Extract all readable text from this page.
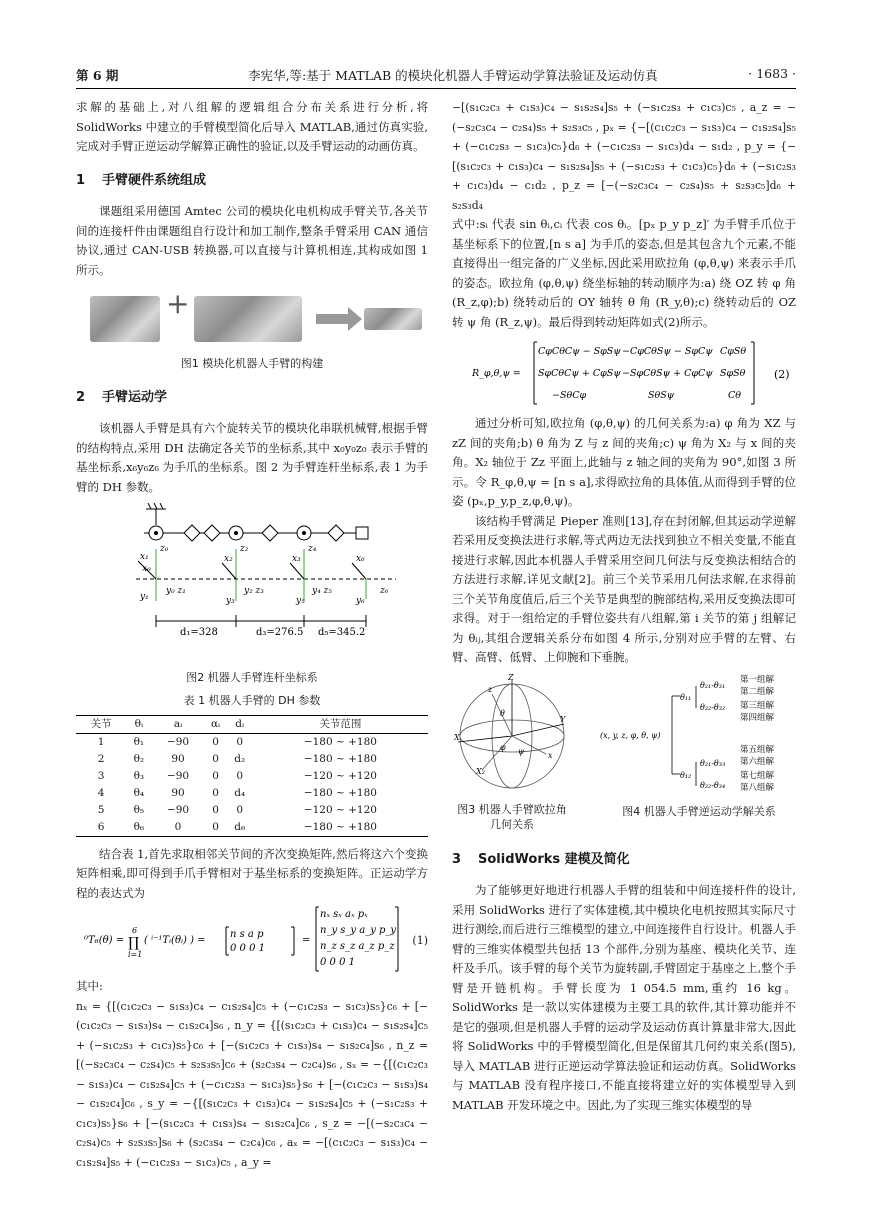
第 6 期	李宪华,等:基于 MATLAB 的模块化机器人手臂运动学算法验证及运动仿真	· 1683 ·

求解的基础上,对八组解的逻辑组合分布关系进行分析,将 SolidWorks 中建立的手臂模型简化后导入 MATLAB,通过仿真实验,完成对手臂正逆运动学解算正确性的验证,以及手臂运动的动画仿真。

1 手臂硬件系统组成

课题组采用德国 Amtec 公司的模块化电机构成手臂关节,各关节间的连接杆件由课题组自行设计和加工制作,整条手臂采用 CAN 通信协议,通过 CAN-USB 转换器,可以直接与计算机相连,其构成如图 1 所示。

+
图1 模块化机器人手臂的构建
2 手臂运动学

该机器人手臂是具有六个旋转关节的模块化串联机械臂,根据手臂的结构特点,采用 DH 法确定各关节的坐标系,其中 x₀y₀z₀ 表示手臂的基坐标系,x₆y₆z₆ 为手爪的坐标系。图 2 为手臂连杆坐标系,表 1 为手臂的 DH 参数。

x₁
z₀
x₀
y₀ z₁
y₁
x₂
z₂
y₂ z₃
y₃
x₃
z₄
y₄ z₅
y₅
x₆
z₆
y₆
d₁=328	d₃=276.5 d₅=345.2
图2 机器人手臂连杆坐标系
表 1 机器人手臂的 DH 参数
关节	θᵢ	aᵢ	αᵢ	dᵢ	关节范围
1	θ₁	−90	0	0	−180 ~ +180
2	θ₂	90	0	d₂	−180 ~ +180
3	θ₃	−90	0	0	−120 ~ +120
4	θ₄	90	0	d₄	−180 ~ +180
5	θ₅	−90	0	0	−120 ~ +120
6	θ₆	0	0	d₆	−180 ~ +180

结合表 1,首先求取相邻关节间的齐次变换矩阵,然后将这六个变换矩阵相乘,即可得到手爪手臂相对于基坐标系的变换矩阵。正运动学方程的表达式为

⁰T₆(θ) =
6
∏
i=1
( ⁱ⁻¹Tᵢ(θᵢ) ) =
n s a p
0 0 0 1
=
nₓ sₓ aₓ pₓ
n_y s_y a_y p_y
n_z s_z a_z p_z
0 0 0 1
(1)

其中:

nₓ = {[(c₁c₂c₃ − s₁s₃)c₄ − c₁s₂s₄]c₅ + (−c₁c₂s₃ − s₁c₃)s₅}c₆ + [−(c₁c₂c₃ − s₁s₃)s₄ − c₁s₂c₄]s₆ , n_y = {[(s₁c₂c₃ + c₁s₃)c₄ − s₁s₂s₄]c₅ + (−s₁c₂s₃ + c₁c₃)s₅}c₆ + [−(s₁c₂c₃ + c₁s₃)s₄ − s₁s₂c₄]s₆ , n_z = [(−s₂c₃c₄ − c₂s₄)c₅ + s₂s₃s₅]c₆ + (s₂c₃s₄ − c₂c₄)s₆ , sₓ = −{[(c₁c₂c₃ − s₁s₃)c₄ − c₁s₂s₄]c₅ + (−c₁c₂s₃ − s₁c₃)s₅}s₆ + [−(c₁c₂c₃ − s₁s₃)s₄ − c₁s₂c₄]c₆ , s_y = −{[(s₁c₂c₃ + c₁s₃)c₄ − s₁s₂s₄]c₅ + (−s₁c₂s₃ + c₁c₃)s₅}s₆ + [−(s₁c₂c₃ + c₁s₃)s₄ − s₁s₂c₄]c₆ , s_z = −[(−s₂c₃c₄ − c₂s₄)c₅ + s₂s₃s₅]s₆ + (s₂c₃s₄ − c₂c₄)c₆ , aₓ = −[(c₁c₂c₃ − s₁s₃)c₄ − c₁s₂s₄]s₅ + (−c₁c₂s₃ − s₁c₃)c₅ , a_y =

−[(s₁c₂c₃ + c₁s₃)c₄ − s₁s₂s₄]s₅ + (−s₁c₂s₃ + c₁c₃)c₅ , a_z = −(−s₂c₃c₄ − c₂s₄)s₅ + s₂s₃c₅ , pₓ = {−[(c₁c₂c₃ − s₁s₃)c₄ − c₁s₂s₄]s₅ + (−c₁c₂s₃ − s₁c₃)c₅}d₆ + (−c₁c₂s₃ − s₁c₃)d₄ − s₁d₂ , p_y = {−[(s₁c₂c₃ + c₁s₃)c₄ − s₁s₂s₄]s₅ + (−s₁c₂s₃ + c₁c₃)c₅}d₆ + (−s₁c₂s₃ + c₁c₃)d₄ − c₁d₂ , p_z = [−(−s₂c₃c₄ − c₂s₄)s₅ + s₂s₃c₅]d₆ + s₂s₃d₄

式中:sᵢ 代表 sin θᵢ,cᵢ 代表 cos θᵢ。[pₓ p_y p_z]′ 为手臂手爪位于基坐标系下的位置,[n s a] 为手爪的姿态,但是其包含九个元素,不能直接得出一组完备的广义坐标,因此采用欧拉角 (φ,θ,ψ) 来表示手爪的姿态。欧拉角 (φ,θ,ψ) 绕坐标轴的转动顺序为:a) 绕 OZ 转 φ 角 (R_z,φ);b) 绕转动后的 OY 轴转 θ 角 (R_y,θ);c) 绕转动后的 OZ 转 ψ 角 (R_z,ψ)。最后得到转动矩阵如式(2)所示。

R_φ,θ,ψ =
CφCθCψ − SφSψ −CφCθSψ − SφCψ CφSθ
SφCθCψ + CφSψ −SφCθSψ + CφCψ SφSθ
−SθCφ	SθSψ	Cθ
(2)

通过分析可知,欧拉角 (φ,θ,ψ) 的几何关系为:a) φ 角为 XZ 与 zZ 间的夹角;b) θ 角为 Z 与 z 间的夹角;c) ψ 角为 X₂ 与 x 间的夹角。X₂ 轴位于 Zz 平面上,此轴与 z 轴之间的夹角为 90°,如图 3 所示。令 R_φ,θ,ψ = [n s a],求得欧拉角的具体值,从而得到手臂的位姿 (pₓ,p_y,p_z,φ,θ,ψ)。

该结构手臂满足 Pieper 准则[13],存在封闭解,但其运动学逆解若采用反变换法进行求解,等式两边无法找到独立不相关变量,不能直接进行求解,因此本机器人手臂采用空间几何法与反变换法相结合的方法进行求解,详见文献[2]。前三个关节采用几何法求解,在求得前三个关节角度值后,后三个关节是典型的腕部结构,采用反变换法即可求得。对于一组给定的手臂位姿共有八组解,第 i 关节的第 j 组解记为 θᵢⱼ,其组合逻辑关系分布如图 4 所示,分别对应手臂的左臂、右臂、高臂、低臂、上仰腕和下垂腕。

Z
X
Y
z
x
X₂
θ
φ ψ
(x, y, z, φ, θ, ψ)
θ₁₁
θ₁₂
θ₂₁-θ₃₁
θ₂₂-θ₃₂
θ₂₁-θ₃₃
θ₂₂-θ₃₄
第一组解
第二组解
第三组解
第四组解
第五组解
第六组解
第七组解
第八组解
图3 机器人手臂欧拉角几何关系
图4 机器人手臂逆运动学解关系
3 SolidWorks 建模及简化

为了能够更好地进行机器人手臂的组装和中间连接杆件的设计,采用 SolidWorks 进行了实体建模,其中模块化电机按照其实际尺寸进行测绘,而后进行三维模型的建立,中间连接件自行设计。机器人手臂的三维实体模型共包括 13 个部件,分别为基座、模块化关节、连杆及手爪。该手臂的每个关节为旋转副,手臂固定于基座之上,整个手臂是开链机构。手臂长度为 1 054.5 mm,重约 16 kg。SolidWorks 是一款以实体建模为主要工具的软件,其计算功能并不是它的强项,但是机器人手臂的运动学及运动仿真计算量非常大,因此将 SolidWorks 中的手臂模型简化,但是保留其几何约束关系(图5),导入 MATLAB 进行正逆运动学算法验证和运动仿真。SolidWorks 与 MATLAB 没有程序接口,不能直接将建立好的实体模型导入到 MATLAB 开发环境之中。因此,为了实现三维实体模型的导
